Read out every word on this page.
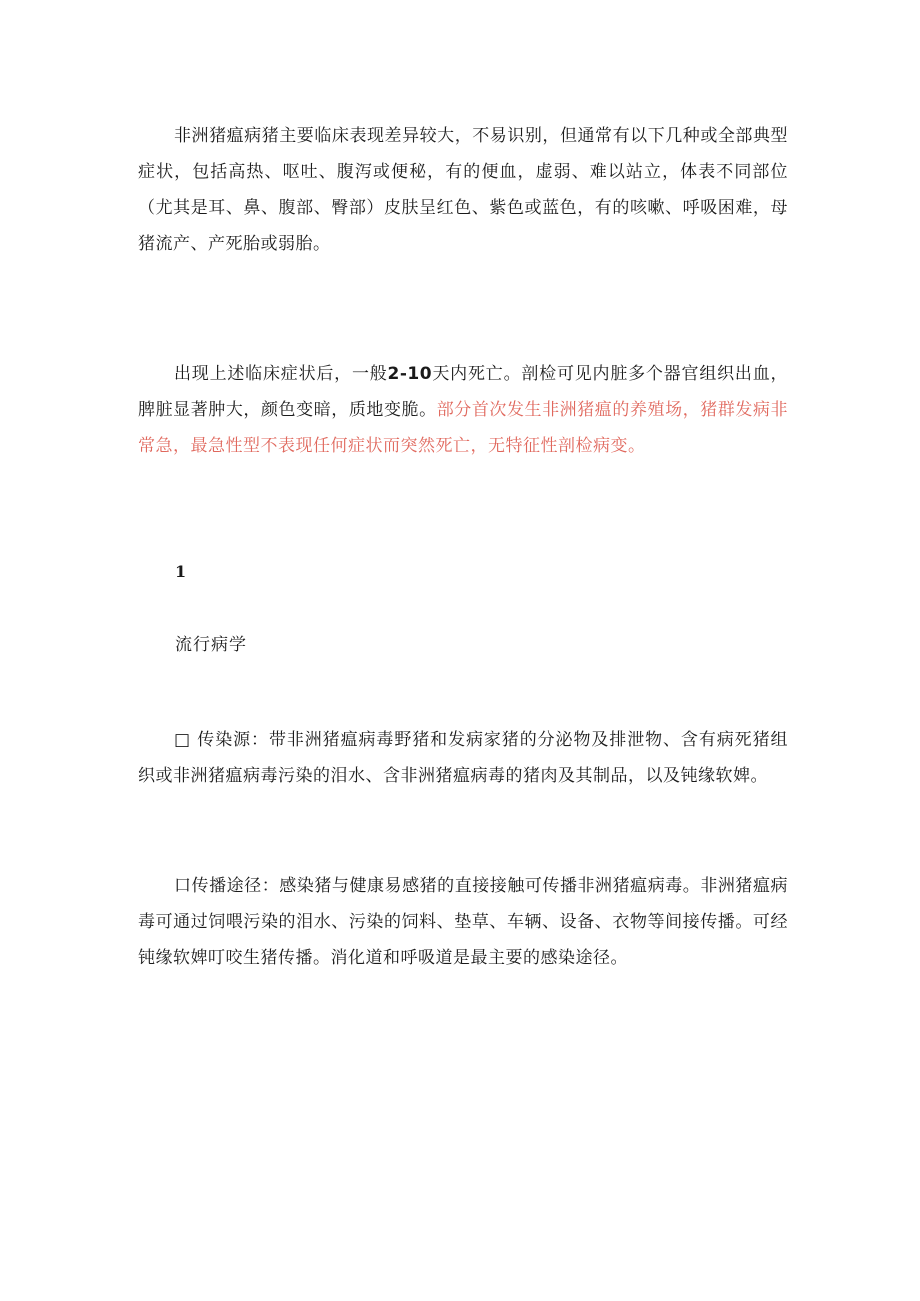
非洲猪瘟病猪主要临床表现差异较大，不易识别，但通常有以下几种或全部典型症状，包括高热、呕吐、腹泻或便秘，有的便血，虚弱、难以站立，体表不同部位（尤其是耳、鼻、腹部、臀部）皮肤呈红色、紫色或蓝色，有的咳嗽、呼吸困难，母猪流产、产死胎或弱胎。

出现上述临床症状后，一般2-10天内死亡。剖检可见内脏多个器官组织出血，脾脏显著肿大，颜色变暗，质地变脆。部分首次发生非洲猪瘟的养殖场，猪群发病非常急，最急性型不表现任何症状而突然死亡，无特征性剖检病变。

1

流行病学

□ 传染源：带非洲猪瘟病毒野猪和发病家猪的分泌物及排泄物、含有病死猪组织或非洲猪瘟病毒污染的泪水、含非洲猪瘟病毒的猪肉及其制品，以及钝缘软婢。

口传播途径：感染猪与健康易感猪的直接接触可传播非洲猪瘟病毒。非洲猪瘟病毒可通过饲喂污染的泪水、污染的饲料、垫草、车辆、设备、衣物等间接传播。可经钝缘软婢叮咬生猪传播。消化道和呼吸道是最主要的感染途径。
